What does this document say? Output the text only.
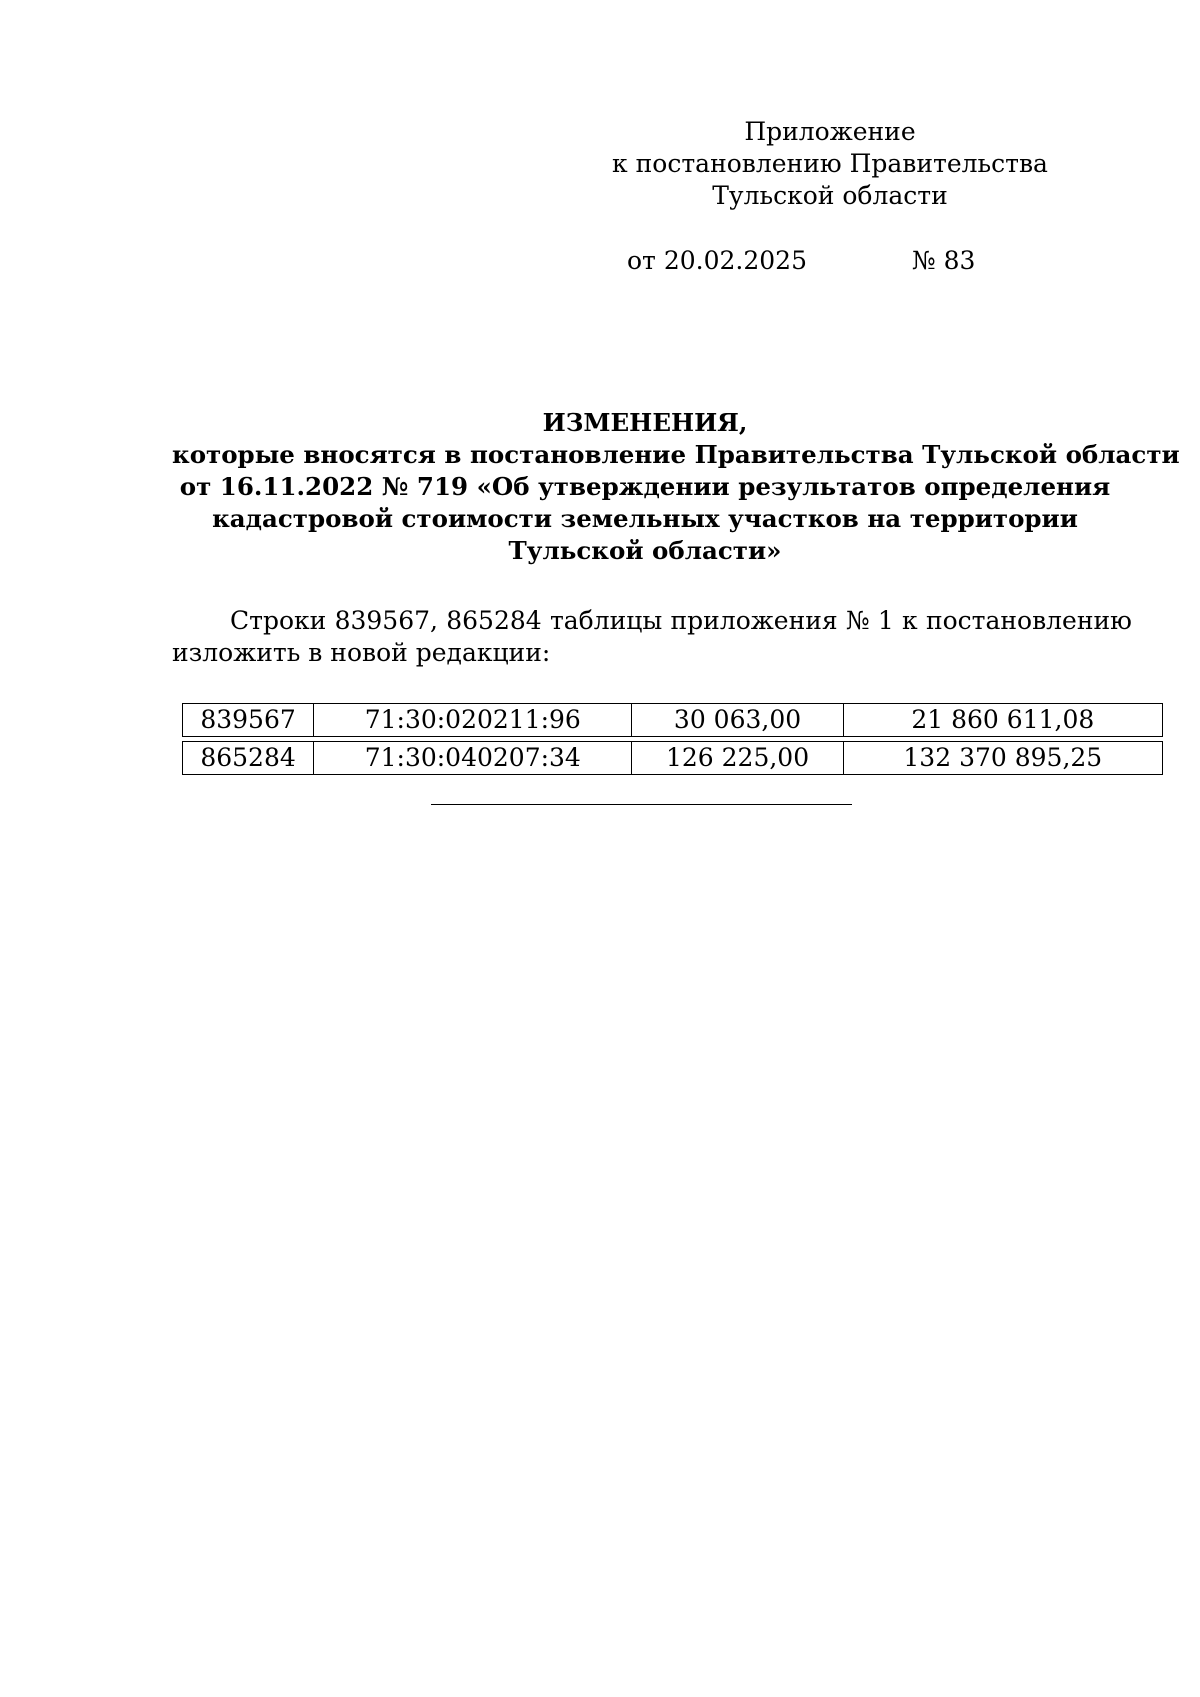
Приложение
к постановлению Правительства
Тульской области
от 20.02.2025	№ 83
ИЗМЕНЕНИЯ,
которые вносятся в постановление Правительства Тульской области
от 16.11.2022 № 719 «Об утверждении результатов определения
кадастровой стоимости земельных участков на территории
Тульской области»
Строки 839567, 865284 таблицы приложения № 1 к постановлению
изложить в новой редакции:
839567	71:30:020211:96	30 063,00	21 860 611,08
865284	71:30:040207:34	126 225,00	132 370 895,25
